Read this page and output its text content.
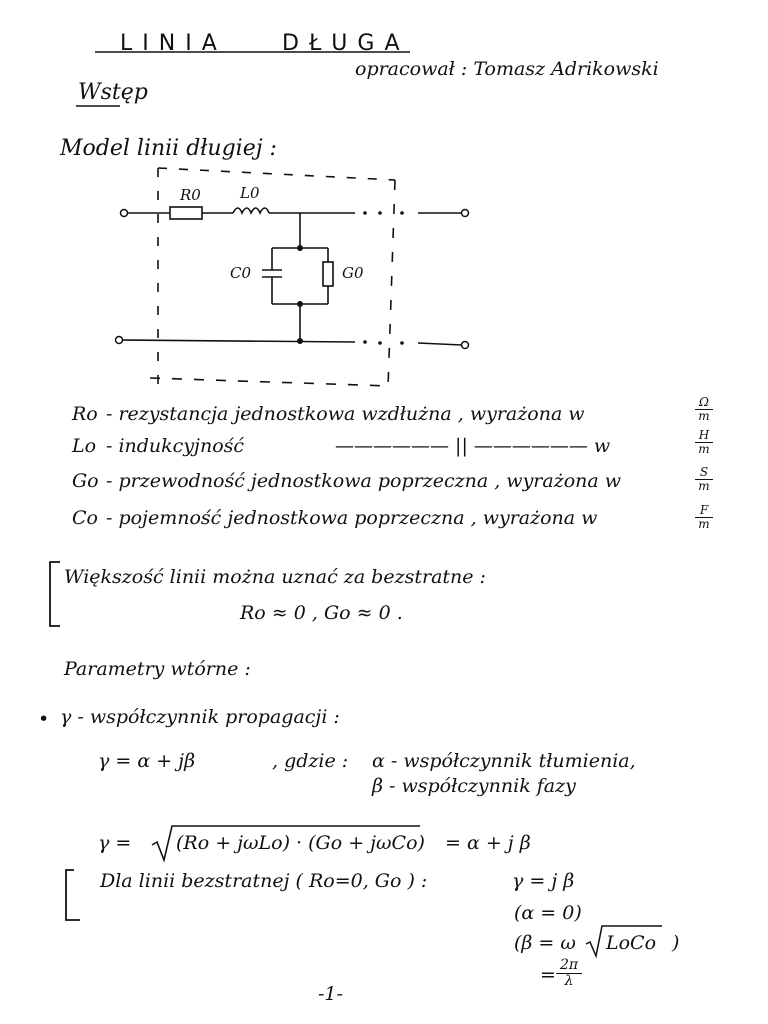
LINIA	DŁUGA
opracował : Tomasz Adrikowski
Wstęp
Model linii długiej :
R0	L0
C0	G0
Ro - rezystancja jednostkowa wzdłużna , wyrażona w	$\frac{\Omega}{m}$
Lo - indukcyjność	—————— || —————— w	$\frac{H}{m}$
Go - przewodność jednostkowa poprzeczna , wyrażona w	$\frac{S}{m}$
Co - pojemność jednostkowa poprzeczna , wyrażona w	$\frac{F}{m}$
Większość linii można uznać za bezstratne :
Ro ≈ 0 , Go ≈ 0 .
Parametry wtórne :
• γ - współczynnik propagacji :
γ = α + jβ	, gdzie : α - współczynnik tłumienia,
β - współczynnik fazy
γ = (Ro + jωLo) · (Go + jωCo) = α + j β
Dla linii bezstratnej ( Ro=0, Go ) :	γ = j β
(α = 0)
(β = ω LoCo )
= $\frac{2\pi}{\lambda}$
-1-
